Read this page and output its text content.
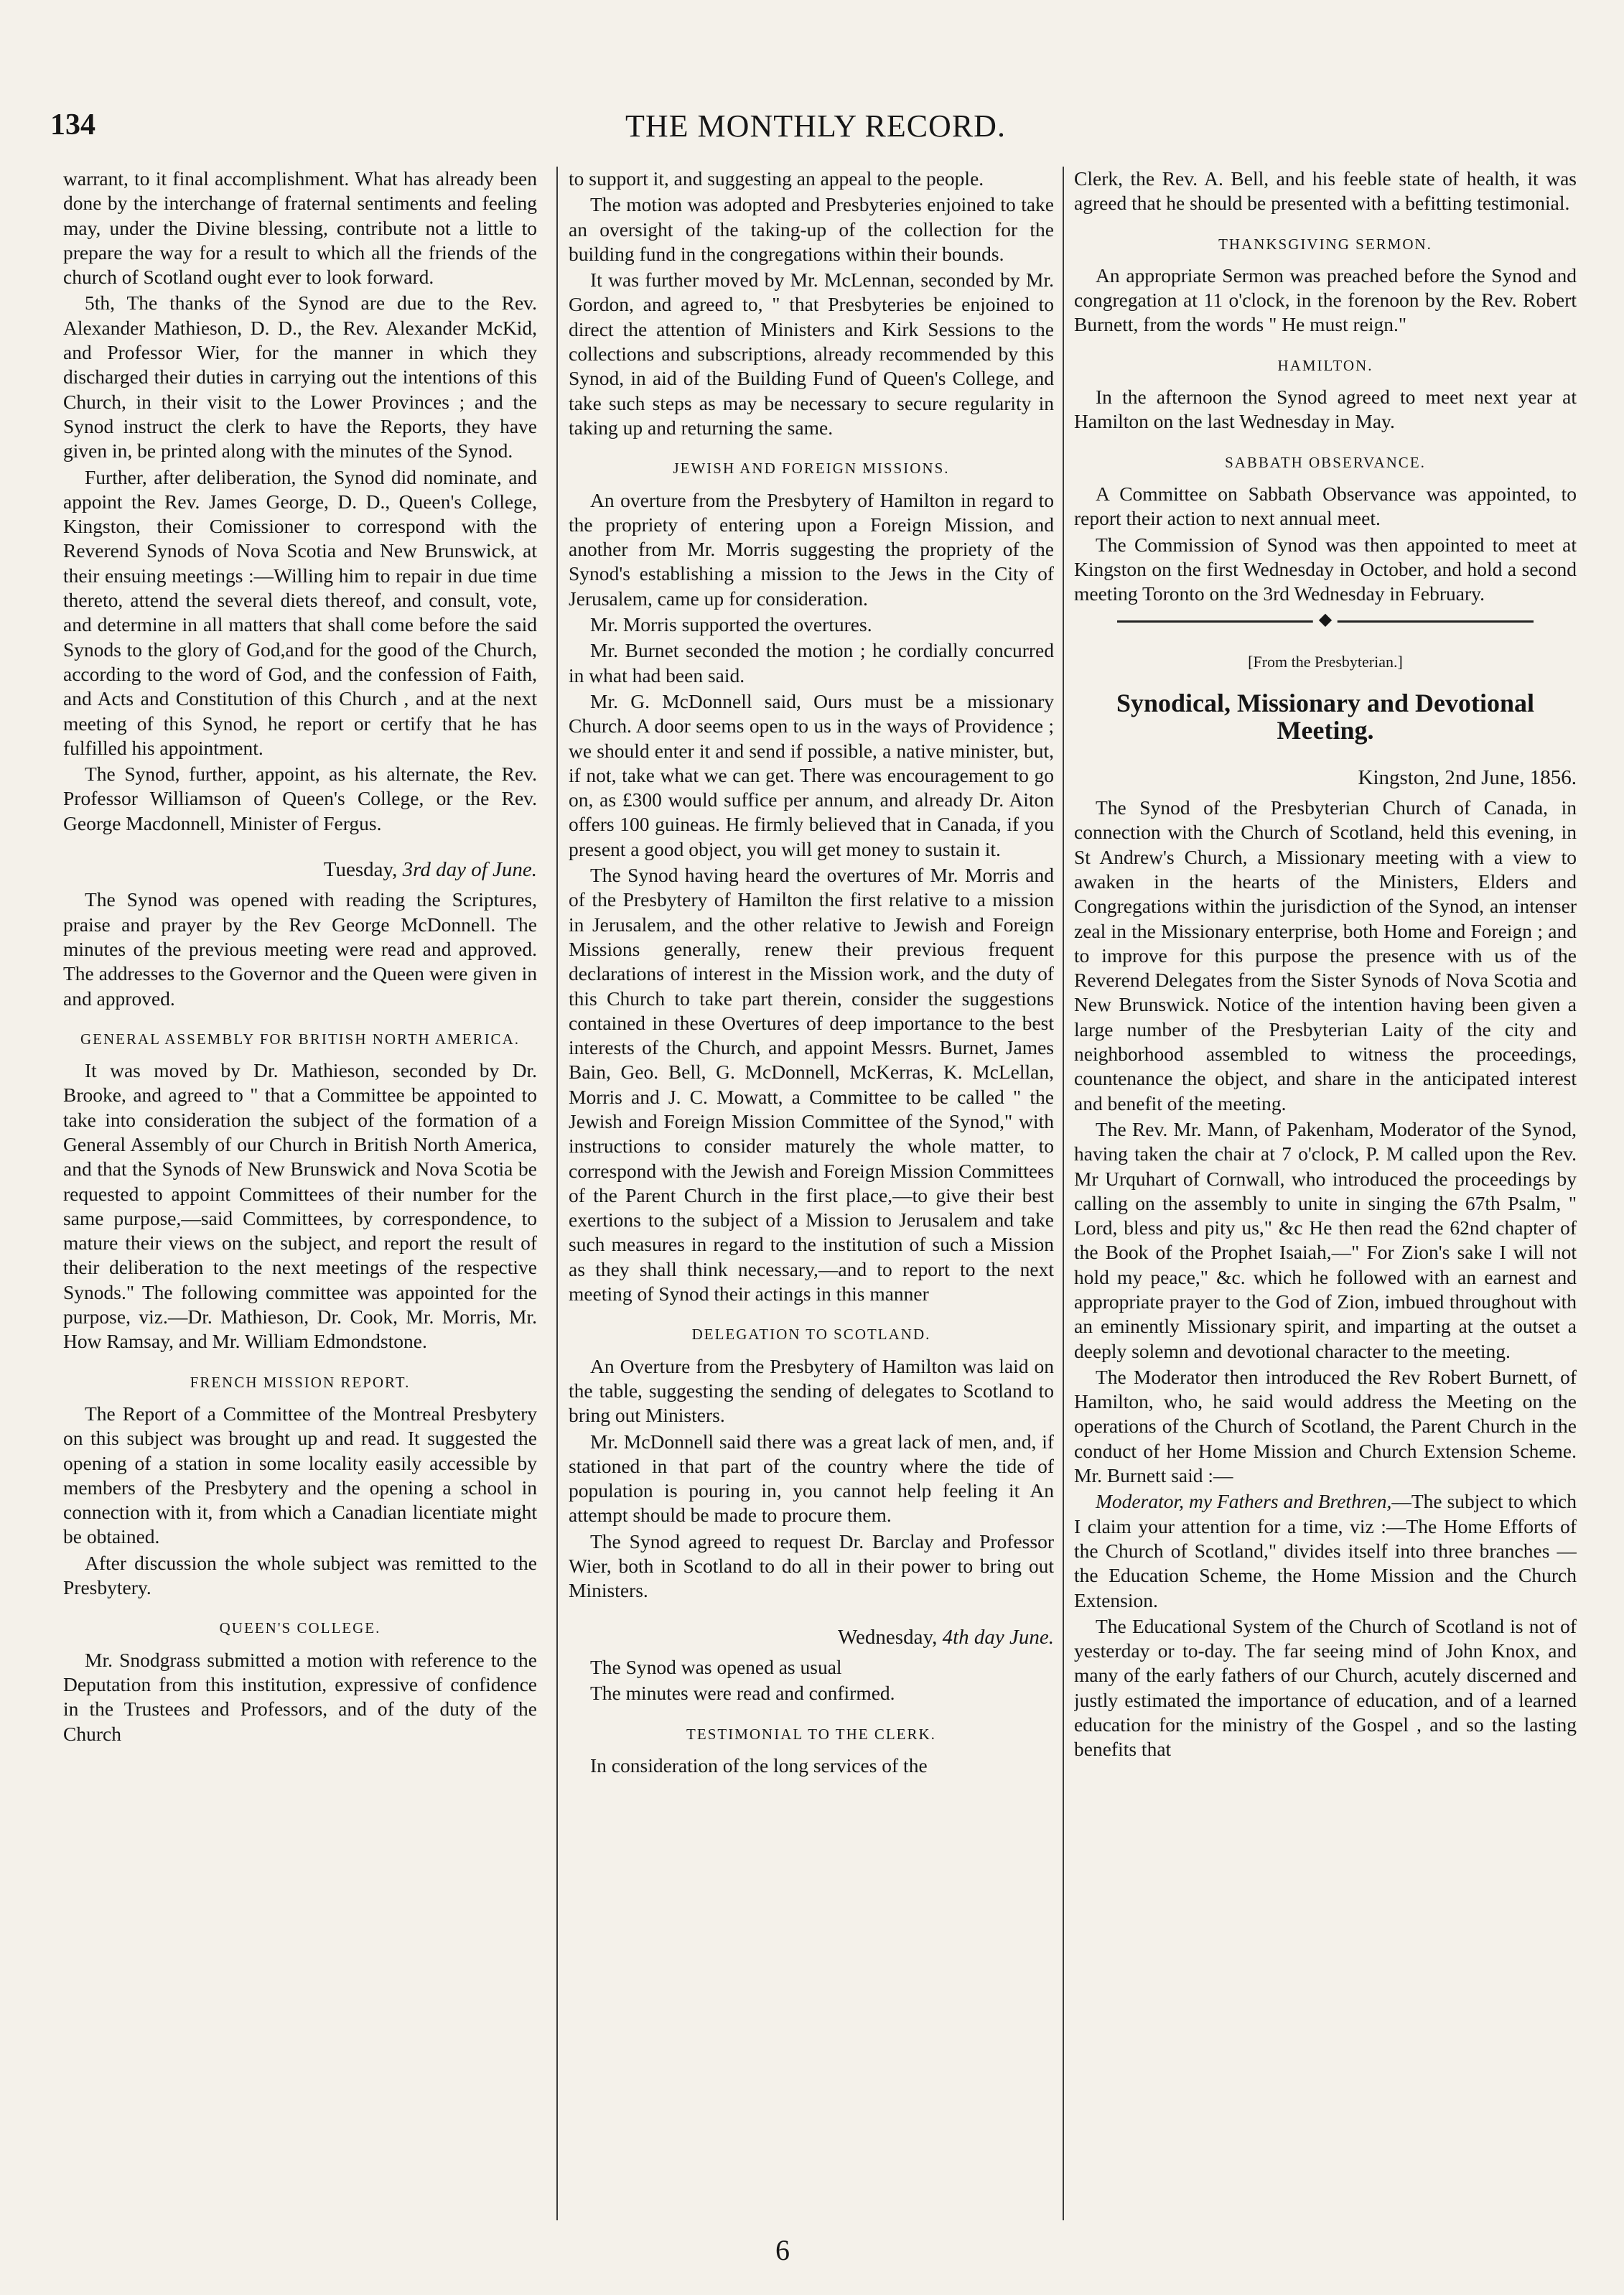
134	THE MONTHLY RECORD.

warrant, to it final accomplishment. What has already been done by the interchange of fraternal sentiments and feeling may, under the Divine blessing, contribute not a little to prepare the way for a result to which all the friends of the church of Scotland ought ever to look forward.

5th, The thanks of the Synod are due to the Rev. Alexander Mathieson, D. D., the Rev. Alexander McKid, and Professor Wier, for the manner in which they discharged their duties in carrying out the intentions of this Church, in their visit to the Lower Provinces ; and the Synod instruct the clerk to have the Reports, they have given in, be printed along with the minutes of the Synod.

Further, after deliberation, the Synod did nominate, and appoint the Rev. James George, D. D., Queen's College, Kingston, their Comissioner to correspond with the Reverend Synods of Nova Scotia and New Brunswick, at their ensuing meetings :—Willing him to repair in due time thereto, attend the several diets thereof, and consult, vote, and determine in all matters that shall come before the said Synods to the glory of God,and for the good of the Church, according to the word of God, and the confession of Faith, and Acts and Constitution of this Church , and at the next meeting of this Synod, he report or certify that he has fulfilled his appointment.

The Synod, further, appoint, as his alternate, the Rev. Professor Williamson of Queen's College, or the Rev. George Macdonnell, Minister of Fergus.

Tuesday, 3rd day of June.

The Synod was opened with reading the Scriptures, praise and prayer by the Rev George McDonnell. The minutes of the previous meeting were read and approved. The addresses to the Governor and the Queen were given in and approved.

GENERAL ASSEMBLY FOR BRITISH NORTH AMERICA.

It was moved by Dr. Mathieson, seconded by Dr. Brooke, and agreed to " that a Committee be appointed to take into consideration the subject of the formation of a General Assembly of our Church in British North America, and that the Synods of New Brunswick and Nova Scotia be requested to appoint Committees of their number for the same purpose,—said Committees, by correspondence, to mature their views on the subject, and report the result of their deliberation to the next meetings of the respective Synods." The following committee was appointed for the purpose, viz.—Dr. Mathieson, Dr. Cook, Mr. Morris, Mr. How Ramsay, and Mr. William Edmondstone.

FRENCH MISSION REPORT.

The Report of a Committee of the Montreal Presbytery on this subject was brought up and read. It suggested the opening of a station in some locality easily accessible by members of the Presbytery and the opening a school in connection with it, from which a Canadian licentiate might be obtained.

After discussion the whole subject was remitted to the Presbytery.

QUEEN'S COLLEGE.

Mr. Snodgrass submitted a motion with reference to the Deputation from this institution, expressive of confidence in the Trustees and Professors, and of the duty of the Church

to support it, and suggesting an appeal to the people.

The motion was adopted and Presbyteries enjoined to take an oversight of the taking-up of the collection for the building fund in the congregations within their bounds.

It was further moved by Mr. McLennan, seconded by Mr. Gordon, and agreed to, " that Presbyteries be enjoined to direct the attention of Ministers and Kirk Sessions to the collections and subscriptions, already recommended by this Synod, in aid of the Building Fund of Queen's College, and take such steps as may be necessary to secure regularity in taking up and returning the same.

JEWISH AND FOREIGN MISSIONS.

An overture from the Presbytery of Hamilton in regard to the propriety of entering upon a Foreign Mission, and another from Mr. Morris suggesting the propriety of the Synod's establishing a mission to the Jews in the City of Jerusalem, came up for consideration.

Mr. Morris supported the overtures.

Mr. Burnet seconded the motion ; he cordially concurred in what had been said.

Mr. G. McDonnell said, Ours must be a missionary Church. A door seems open to us in the ways of Providence ; we should enter it and send if possible, a native minister, but, if not, take what we can get. There was encouragement to go on, as £300 would suffice per annum, and already Dr. Aiton offers 100 guineas. He firmly believed that in Canada, if you present a good object, you will get money to sustain it.

The Synod having heard the overtures of Mr. Morris and of the Presbytery of Hamilton the first relative to a mission in Jerusalem, and the other relative to Jewish and Foreign Missions generally, renew their previous frequent declarations of interest in the Mission work, and the duty of this Church to take part therein, consider the suggestions contained in these Overtures of deep importance to the best interests of the Church, and appoint Messrs. Burnet, James Bain, Geo. Bell, G. McDonnell, McKerras, K. McLellan, Morris and J. C. Mowatt, a Committee to be called " the Jewish and Foreign Mission Committee of the Synod," with instructions to consider maturely the whole matter, to correspond with the Jewish and Foreign Mission Committees of the Parent Church in the first place,—to give their best exertions to the subject of a Mission to Jerusalem and take such measures in regard to the institution of such a Mission as they shall think necessary,—and to report to the next meeting of Synod their actings in this manner

DELEGATION TO SCOTLAND.

An Overture from the Presbytery of Hamilton was laid on the table, suggesting the sending of delegates to Scotland to bring out Ministers.

Mr. McDonnell said there was a great lack of men, and, if stationed in that part of the country where the tide of population is pouring in, you cannot help feeling it An attempt should be made to procure them.

The Synod agreed to request Dr. Barclay and Professor Wier, both in Scotland to do all in their power to bring out Ministers.

Wednesday, 4th day June.

The Synod was opened as usual

The minutes were read and confirmed.

TESTIMONIAL TO THE CLERK.

In consideration of the long services of the

Clerk, the Rev. A. Bell, and his feeble state of health, it was agreed that he should be presented with a befitting testimonial.

THANKSGIVING SERMON.

An appropriate Sermon was preached before the Synod and congregation at 11 o'clock, in the forenoon by the Rev. Robert Burnett, from the words " He must reign."

HAMILTON.

In the afternoon the Synod agreed to meet next year at Hamilton on the last Wednesday in May.

SABBATH OBSERVANCE.

A Committee on Sabbath Observance was appointed, to report their action to next annual meet.

The Commission of Synod was then appointed to meet at Kingston on the first Wednesday in October, and hold a second meeting Toronto on the 3rd Wednesday in February.

◆
[From the Presbyterian.]
Synodical, Missionary and Devotional Meeting.
Kingston, 2nd June, 1856.

The Synod of the Presbyterian Church of Canada, in connection with the Church of Scotland, held this evening, in St Andrew's Church, a Missionary meeting with a view to awaken in the hearts of the Ministers, Elders and Congregations within the jurisdiction of the Synod, an intenser zeal in the Missionary enterprise, both Home and Foreign ; and to improve for this purpose the presence with us of the Reverend Delegates from the Sister Synods of Nova Scotia and New Brunswick. Notice of the intention having been given a large number of the Presbyterian Laity of the city and neighborhood assembled to witness the proceedings, countenance the object, and share in the anticipated interest and benefit of the meeting.

The Rev. Mr. Mann, of Pakenham, Moderator of the Synod, having taken the chair at 7 o'clock, P. M called upon the Rev. Mr Urquhart of Cornwall, who introduced the proceedings by calling on the assembly to unite in singing the 67th Psalm, " Lord, bless and pity us," &c He then read the 62nd chapter of the Book of the Prophet Isaiah,—" For Zion's sake I will not hold my peace," &c. which he followed with an earnest and appropriate prayer to the God of Zion, imbued throughout with an eminently Missionary spirit, and imparting at the outset a deeply solemn and devotional character to the meeting.

The Moderator then introduced the Rev Robert Burnett, of Hamilton, who, he said would address the Meeting on the operations of the Church of Scotland, the Parent Church in the conduct of her Home Mission and Church Extension Scheme. Mr. Burnett said :—

Moderator, my Fathers and Brethren,—The subject to which I claim your attention for a time, viz :—The Home Efforts of the Church of Scotland," divides itself into three branches —the Education Scheme, the Home Mission and the Church Extension.

The Educational System of the Church of Scotland is not of yesterday or to-day. The far seeing mind of John Knox, and many of the early fathers of our Church, acutely discerned and justly estimated the importance of education, and of a learned education for the ministry of the Gospel , and so the lasting benefits that

6
